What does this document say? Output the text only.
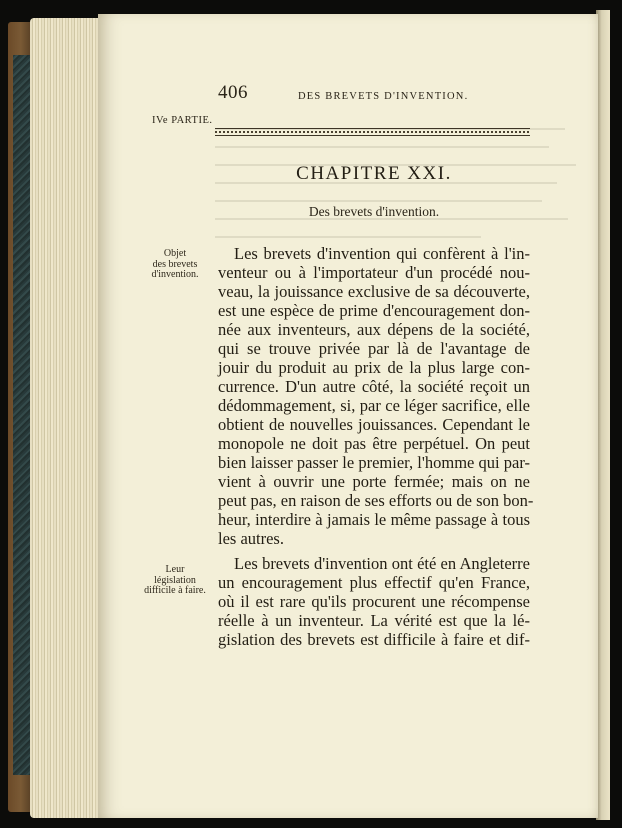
406	DES BREVETS D'INVENTION.
IVe PARTIE.
CHAPITRE XXI.
Des brevets d'invention.
Objet
des brevets
d'invention.
Leur
législation
difficile à faire.
Les brevets d'invention qui confèrent à l'in-
venteur ou à l'importateur d'un procédé nou-
veau, la jouissance exclusive de sa découverte,
est une espèce de prime d'encouragement don-
née aux inventeurs, aux dépens de la société,
qui se trouve privée par là de l'avantage de
jouir du produit au prix de la plus large con-
currence. D'un autre côté, la société reçoit un
dédommagement, si, par ce léger sacrifice, elle
obtient de nouvelles jouissances. Cependant le
monopole ne doit pas être perpétuel. On peut
bien laisser passer le premier, l'homme qui par-
vient à ouvrir une porte fermée; mais on ne
peut pas, en raison de ses efforts ou de son bon-
heur, interdire à jamais le même passage à tous
les autres.
Les brevets d'invention ont été en Angleterre
un encouragement plus effectif qu'en France,
où il est rare qu'ils procurent une récompense
réelle à un inventeur. La vérité est que la lé-
gislation des brevets est difficile à faire et dif-
